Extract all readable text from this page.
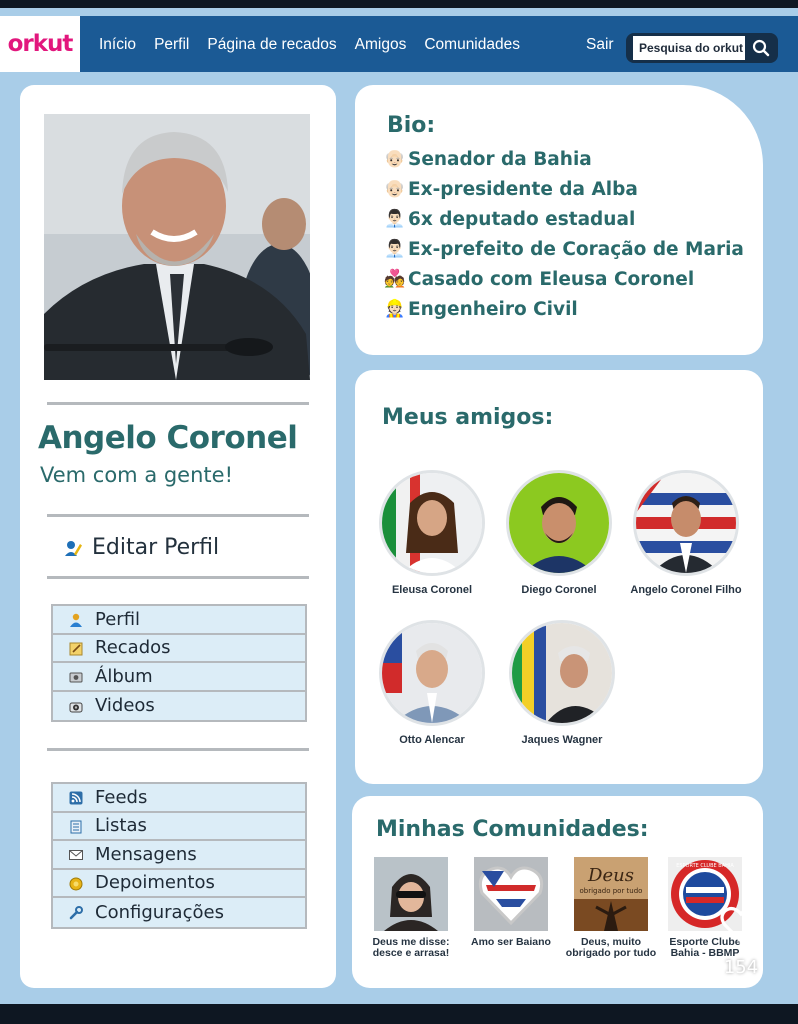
orkut Início Perfil Página de recados Amigos Comunidades	Sair
Pesquisa do orkut
Angelo Coronel
Vem com a gente!
Editar Perfil
Perfil
Recados
Álbum
Videos
Feeds
Listas
Mensagens
Depoimentos
Configurações
Bio:
👴🏻 Senador da Bahia
👴🏻 Ex-presidente da Alba
👨🏻‍💼 6x deputado estadual
👨🏻‍💼 Ex-prefeito de Coração de Maria
💑 Casado com Eleusa Coronel
👷🏻 Engenheiro Civil
Meus amigos:
Eleusa Coronel	Diego Coronel	Angelo Coronel Filho
Otto Alencar	Jaques Wagner
Minhas Comunidades:
Deus me disse: desce e arrasa!
Amo ser Baiano
Deus
obrigado por tudo
Deus, muito obrigado por tudo
ESPORTE CLUBE BAHIA
Esporte Clube Bahia - BBMP
154
